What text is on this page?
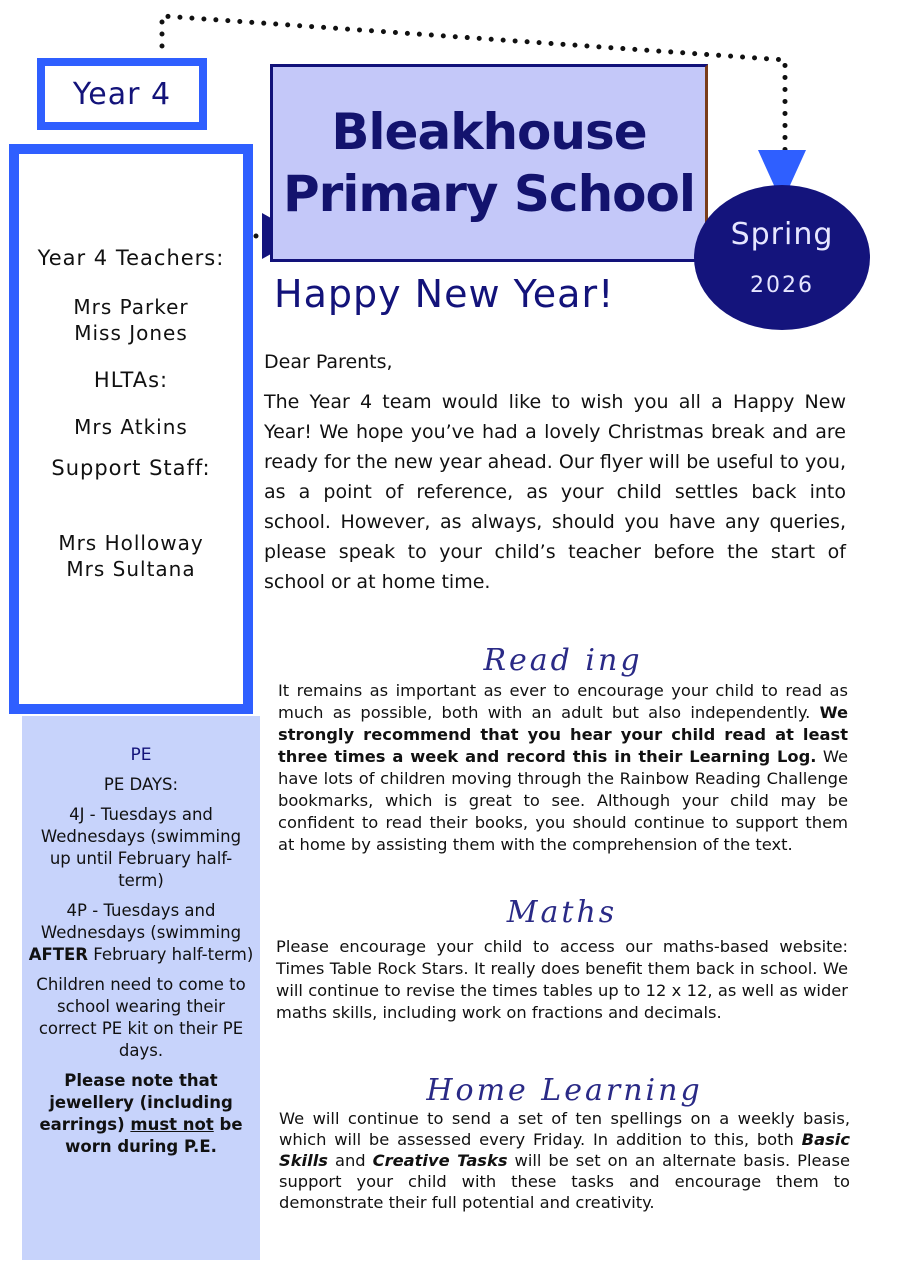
Year 4
Year 4 Teachers:
Mrs Parker
Miss Jones
HLTAs:
Mrs Atkins
Support Staff:
Mrs Holloway
Mrs Sultana
Bleakhouse
Primary School
Spring
2026
Happy New Year!
Dear Parents,
The Year 4 team would like to wish you all a Happy New Year! We hope you’ve had a lovely Christmas break and are ready for the new year ahead. Our flyer will be useful to you, as a point of reference, as your child settles back into school. However, as always, should you have any queries, please speak to your child’s teacher before the start of school or at home time.
Read ing
It remains as important as ever to encourage your child to read as much as possible, both with an adult but also independently. We strongly recommend that you hear your child read at least three times a week and record this in their Learning Log. We have lots of children moving through the Rainbow Reading Challenge bookmarks, which is great to see. Although your child may be confident to read their books, you should continue to support them at home by assisting them with the comprehension of the text.
Maths
Please encourage your child to access our maths-based website: Times Table Rock Stars. It really does benefit them back in school. We will continue to revise the times tables up to 12 x 12, as well as wider maths skills, including work on fractions and decimals.
Home Learning
We will continue to send a set of ten spellings on a weekly basis, which will be assessed every Friday. In addition to this, both Basic Skills and Creative Tasks will be set on an alternate basis. Please support your child with these tasks and encourage them to demonstrate their full potential and creativity.

PE

PE DAYS:

4J - Tuesdays and Wednesdays (swimming up until February half-term)

4P - Tuesdays and Wednesdays (swimming AFTER February half-term)

Children need to come to school wearing their correct PE kit on their PE days.

Please note that jewellery (including earrings) must not be worn during P.E.
